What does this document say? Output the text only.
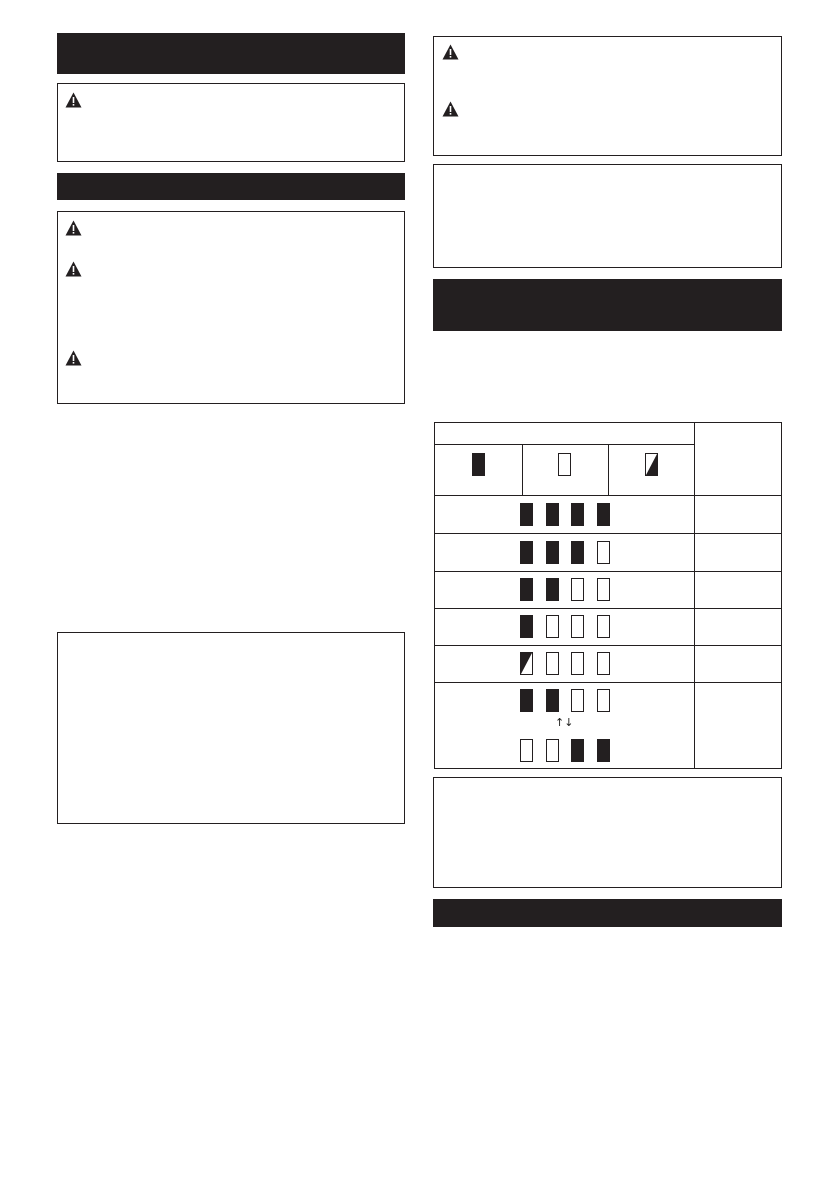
↑↓
